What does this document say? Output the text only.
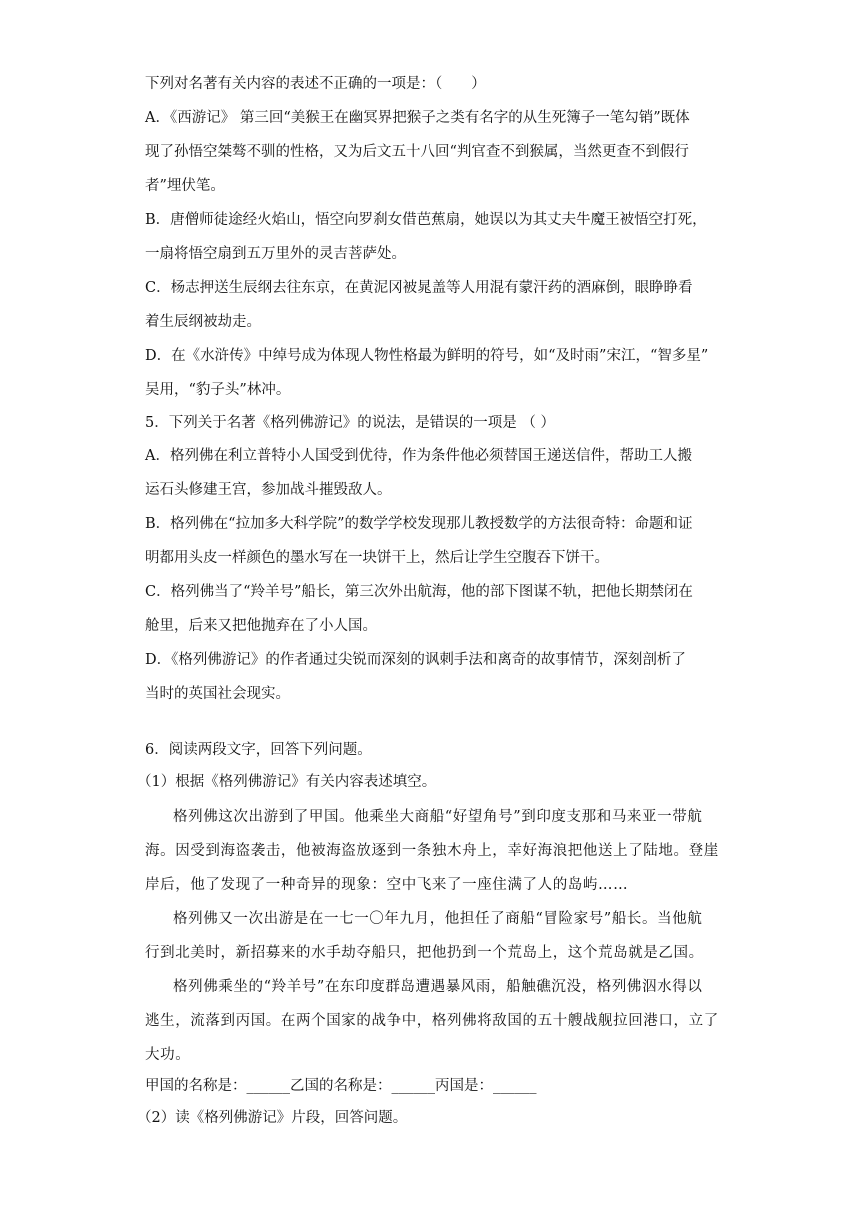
下列对名著有关内容的表述不正确的一项是：（　　）
A．《西游记》 第三回“美猴王在幽冥界把猴子之类有名字的从生死簿子一笔勾销”既体
现了孙悟空桀骜不驯的性格，又为后文五十八回“判官查不到猴属，当然更查不到假行
者”埋伏笔。
B．唐僧师徒途经火焰山，悟空向罗刹女借芭蕉扇，她误以为其丈夫牛魔王被悟空打死，
一扇将悟空扇到五万里外的灵吉菩萨处。
C．杨志押送生辰纲去往东京，在黄泥冈被晁盖等人用混有蒙汗药的酒麻倒，眼睁睁看
着生辰纲被劫走。
D．在《水浒传》中绰号成为体现人物性格最为鲜明的符号，如“及时雨”宋江，“智多星”
吴用，“豹子头”林冲。
5．下列关于名著《格列佛游记》的说法，是错误的一项是 （ ）
A．格列佛在利立普特小人国受到优待，作为条件他必须替国王递送信件，帮助工人搬
运石头修建王宫，参加战斗摧毁敌人。
B．格列佛在“拉加多大科学院”的数学学校发现那儿教授数学的方法很奇特：命题和证
明都用头皮一样颜色的墨水写在一块饼干上，然后让学生空腹吞下饼干。
C．格列佛当了“羚羊号”船长，第三次外出航海，他的部下图谋不轨，把他长期禁闭在
舱里，后来又把他抛弃在了小人国。
D．《格列佛游记》的作者通过尖锐而深刻的讽刺手法和离奇的故事情节，深刻剖析了
当时的英国社会现实。
6．阅读两段文字，回答下列问题。
（1）根据《格列佛游记》有关内容表述填空。
格列佛这次出游到了甲国。他乘坐大商船“好望角号”到印度支那和马来亚一带航
海。因受到海盗袭击，他被海盗放逐到一条独木舟上，幸好海浪把他送上了陆地。登崖
岸后，他了发现了一种奇异的现象：空中飞来了一座住满了人的岛屿……
格列佛又一次出游是在一七一〇年九月，他担任了商船“冒险家号”船长。当他航
行到北美时，新招募来的水手劫夺船只，把他扔到一个荒岛上，这个荒岛就是乙国。
格列佛乘坐的“羚羊号”在东印度群岛遭遇暴风雨，船触礁沉没，格列佛泅水得以
逃生，流落到丙国。在两个国家的战争中，格列佛将敌国的五十艘战舰拉回港口，立了
大功。
甲国的名称是：______乙国的名称是：______丙国是：______
（2）读《格列佛游记》片段，回答问题。
